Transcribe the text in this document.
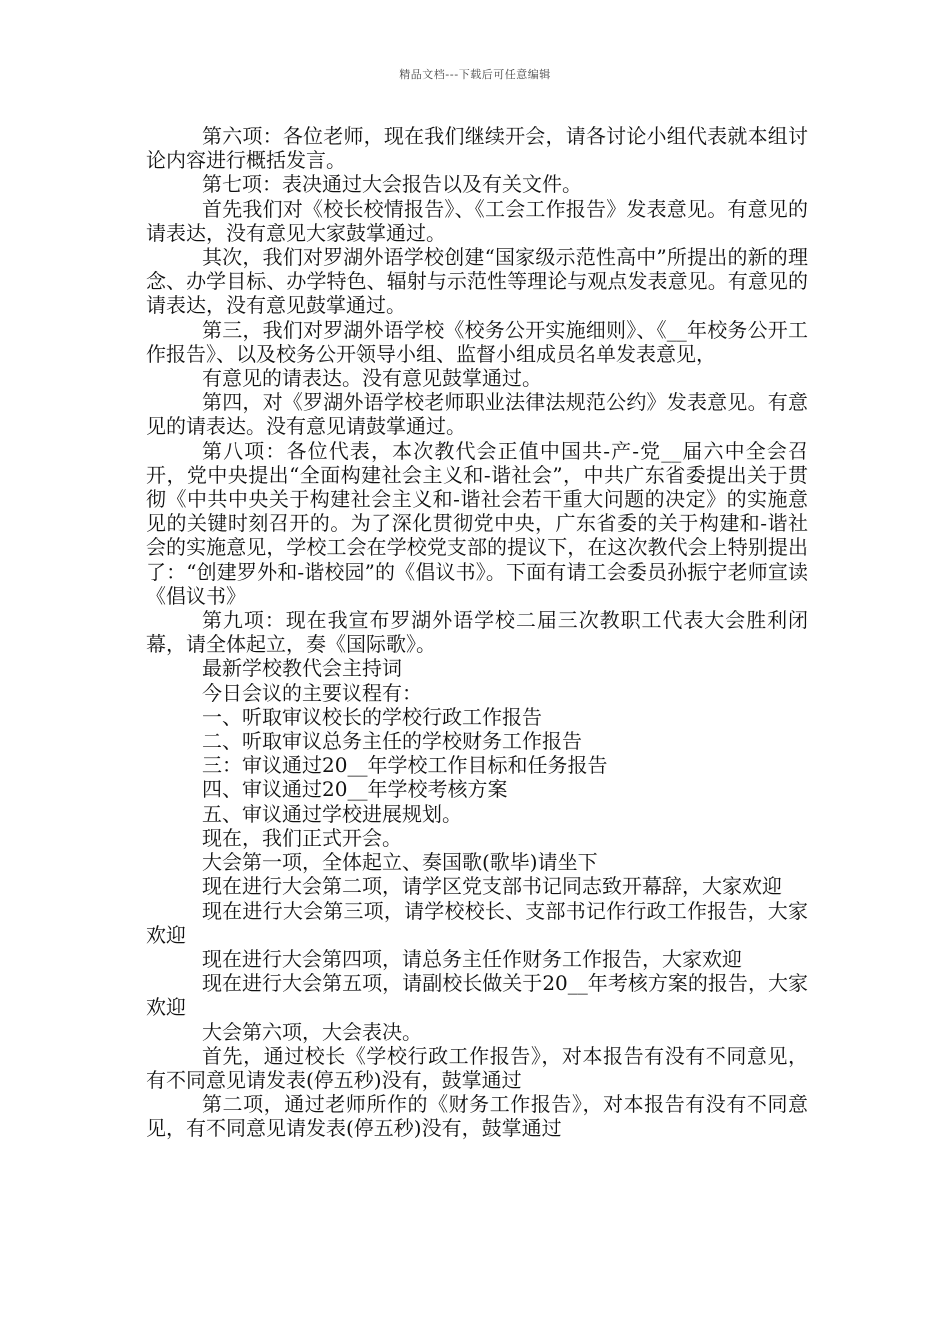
精品文档---下载后可任意编辑

第六项：各位老师，现在我们继续开会，请各讨论小组代表就本组讨论内容进行概括发言。

第七项：表决通过大会报告以及有关文件。

首先我们对《校长校情报告》、《工会工作报告》发表意见。有意见的请表达，没有意见大家鼓掌通过。

其次，我们对罗湖外语学校创建“国家级示范性高中”所提出的新的理念、办学目标、办学特色、辐射与示范性等理论与观点发表意见。有意见的请表达，没有意见鼓掌通过。

第三，我们对罗湖外语学校《校务公开实施细则》、《__年校务公开工作报告》、以及校务公开领导小组、监督小组成员名单发表意见，

有意见的请表达。没有意见鼓掌通过。

第四，对《罗湖外语学校老师职业法律法规范公约》发表意见。有意见的请表达。没有意见请鼓掌通过。

第八项：各位代表，本次教代会正值中国共-产-党__届六中全会召开，党中央提出“全面构建社会主义和-谐社会”，中共广东省委提出关于贯彻《中共中央关于构建社会主义和-谐社会若干重大问题的决定》的实施意见的关键时刻召开的。为了深化贯彻党中央，广东省委的关于构建和-谐社会的实施意见，学校工会在学校党支部的提议下，在这次教代会上特别提出了：“创建罗外和-谐校园”的《倡议书》。下面有请工会委员孙振宁老师宣读《倡议书》

第九项：现在我宣布罗湖外语学校二届三次教职工代表大会胜利闭幕，请全体起立，奏《国际歌》。

最新学校教代会主持词

今日会议的主要议程有：

一、听取审议校长的学校行政工作报告

二、听取审议总务主任的学校财务工作报告

三：审议通过20__年学校工作目标和任务报告

四、审议通过20__年学校考核方案

五、审议通过学校进展规划。

现在，我们正式开会。

大会第一项，全体起立、奏国歌(歌毕)请坐下

现在进行大会第二项，请学区党支部书记同志致开幕辞，大家欢迎

现在进行大会第三项，请学校校长、支部书记作行政工作报告，大家欢迎

现在进行大会第四项，请总务主任作财务工作报告，大家欢迎

现在进行大会第五项，请副校长做关于20__年考核方案的报告，大家欢迎

大会第六项，大会表决。

首先，通过校长《学校行政工作报告》，对本报告有没有不同意见，有不同意见请发表(停五秒)没有，鼓掌通过

第二项，通过老师所作的《财务工作报告》，对本报告有没有不同意见，有不同意见请发表(停五秒)没有，鼓掌通过
